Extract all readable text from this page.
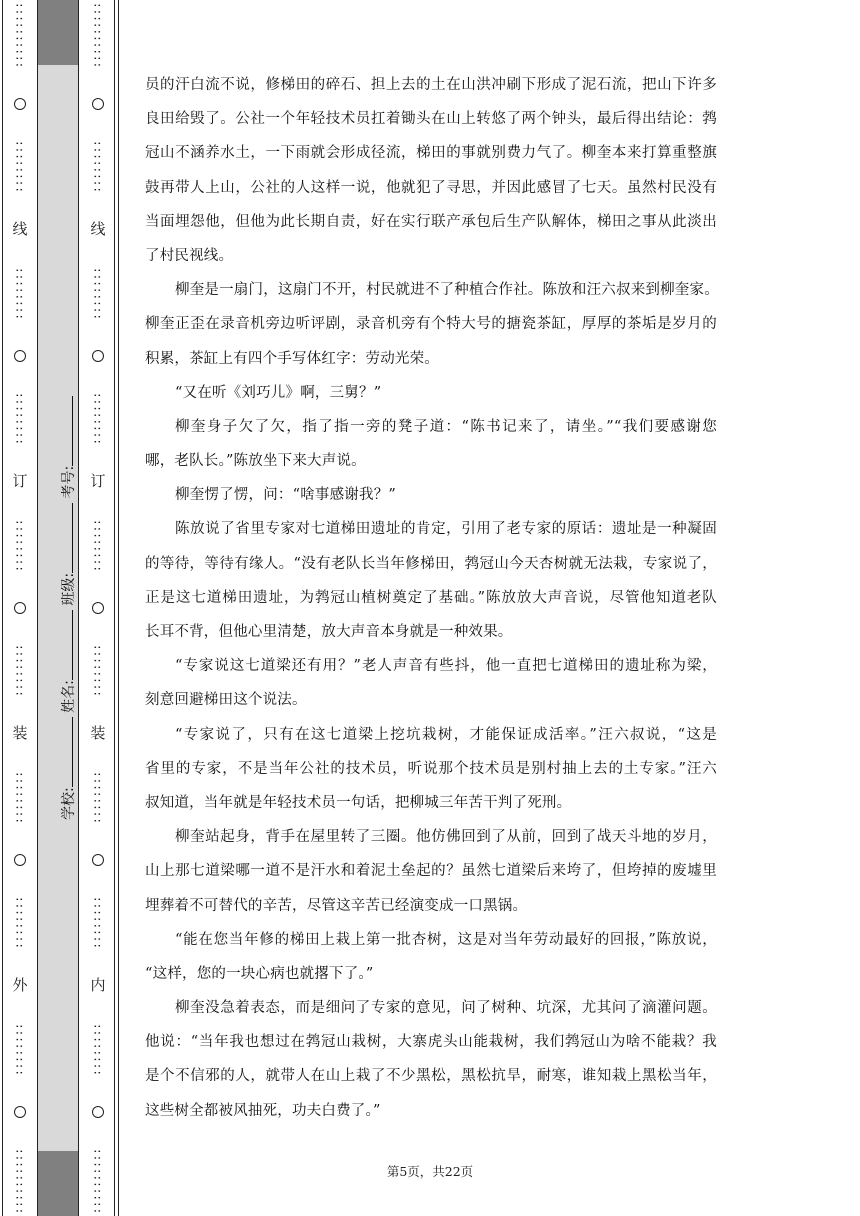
::::::::::
::::::::
线
::::::::
::::::::
订
::::::::
::::::::
装
::::::::
::::::::
外
::::::::
::::::::::
::::::::::
::::::::
线
::::::::
::::::::
订
::::::::
::::::::
装
::::::::
::::::::
内
::::::::
::::::::::
学校: 姓名: 班级: 考号:
员的汗白流不说，修梯田的碎石、担上去的土在山洪冲刷下形成了泥石流，把山下许多
良田给毁了。公社一个年轻技术员扛着锄头在山上转悠了两个钟头，最后得出结论：鹁
冠山不涵养水土，一下雨就会形成径流，梯田的事就别费力气了。柳奎本来打算重整旗
鼓再带人上山，公社的人这样一说，他就犯了寻思，并因此感冒了七天。虽然村民没有
当面埋怨他，但他为此长期自责，好在实行联产承包后生产队解体，梯田之事从此淡出
了村民视线。
柳奎是一扇门，这扇门不开，村民就进不了种植合作社。陈放和汪六叔来到柳奎家。
柳奎正歪在录音机旁边听评剧，录音机旁有个特大号的搪瓷茶缸，厚厚的茶垢是岁月的
积累，茶缸上有四个手写体红字：劳动光荣。
“又在听《刘巧儿》啊，三舅？”
柳奎身子欠了欠，指了指一旁的凳子道：“陈书记来了，请坐。”“我们要感谢您
哪，老队长。”陈放坐下来大声说。
柳奎愣了愣，问：“啥事感谢我？”
陈放说了省里专家对七道梯田遗址的肯定，引用了老专家的原话：遗址是一种凝固
的等待，等待有缘人。“没有老队长当年修梯田，鹁冠山今天杏树就无法栽，专家说了，
正是这七道梯田遗址，为鹁冠山植树奠定了基础。”陈放放大声音说，尽管他知道老队
长耳不背，但他心里清楚，放大声音本身就是一种效果。
“专家说这七道梁还有用？”老人声音有些抖，他一直把七道梯田的遗址称为梁，
刻意回避梯田这个说法。
“专家说了，只有在这七道梁上挖坑栽树，才能保证成活率。”汪六叔说，“这是
省里的专家，不是当年公社的技术员，听说那个技术员是别村抽上去的土专家。”汪六
叔知道，当年就是年轻技术员一句话，把柳城三年苦干判了死刑。
柳奎站起身，背手在屋里转了三圈。他仿佛回到了从前，回到了战天斗地的岁月，
山上那七道梁哪一道不是汗水和着泥土垒起的？虽然七道梁后来垮了，但垮掉的废墟里
埋葬着不可替代的辛苦，尽管这辛苦已经演变成一口黑锅。
“能在您当年修的梯田上栽上第一批杏树，这是对当年劳动最好的回报，”陈放说，
“这样，您的一块心病也就撂下了。”
柳奎没急着表态，而是细问了专家的意见，问了树种、坑深，尤其问了滴灌问题。
他说：“当年我也想过在鹁冠山栽树，大寨虎头山能栽树，我们鹁冠山为啥不能栽？我
是个不信邪的人，就带人在山上栽了不少黑松，黑松抗旱，耐寒，谁知栽上黑松当年，
这些树全都被风抽死，功夫白费了。”
第5页，共22页
